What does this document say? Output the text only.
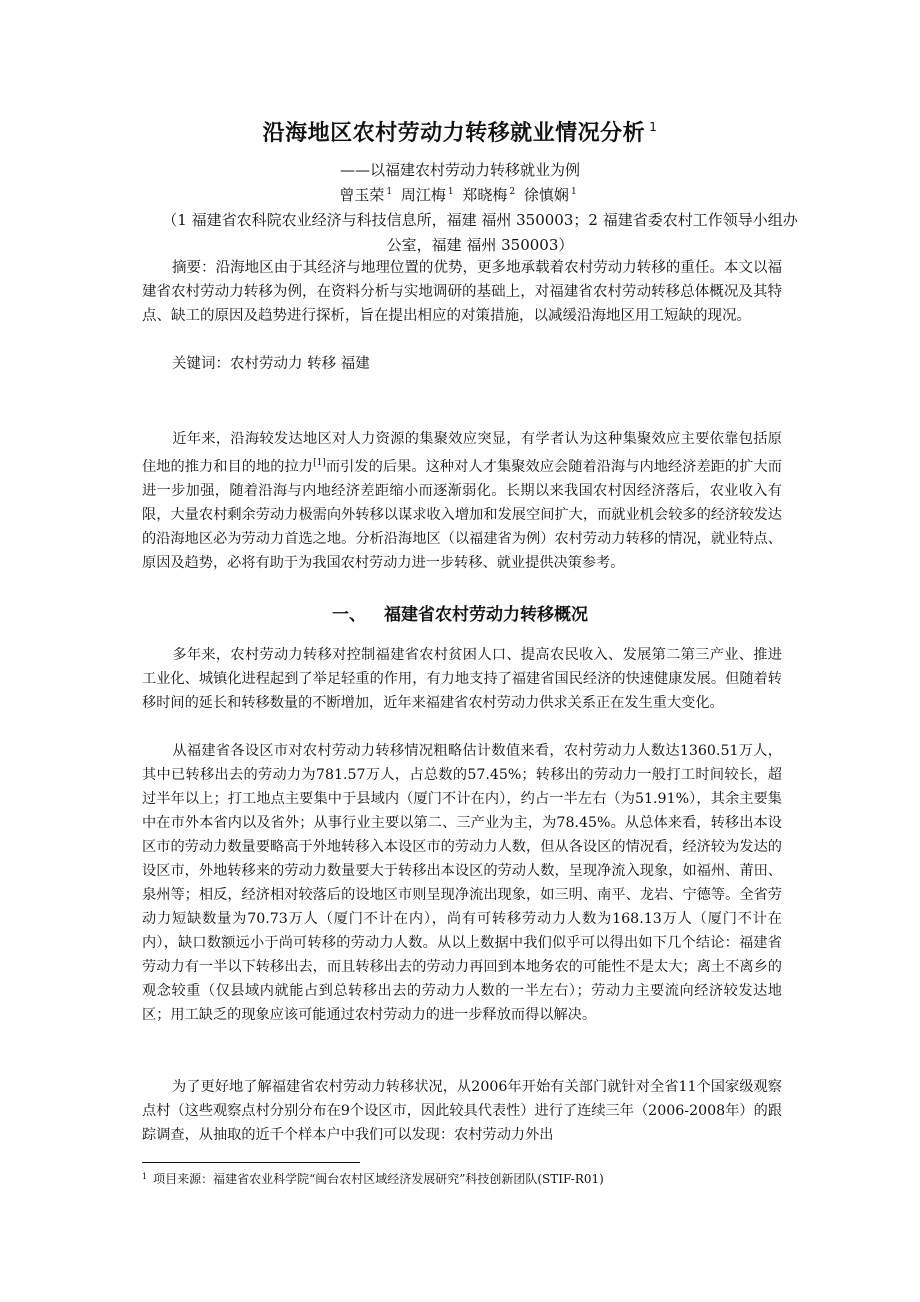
沿海地区农村劳动力转移就业情况分析 $^1$
——以福建农村劳动力转移就业为例
曾玉荣 $^1$ 周江梅 $^1$ 郑晓梅 $^2$ 徐慎娴 $^1$
（1 福建省农科院农业经济与科技信息所，福建 福州 350003；2 福建省委农村工作领导小组办公室，福建 福州 350003）
摘要：沿海地区由于其经济与地理位置的优势，更多地承载着农村劳动力转移的重任。本文以福建省农村劳动力转移为例，在资料分析与实地调研的基础上，对福建省农村劳动转移总体概况及其特点、缺工的原因及趋势进行探析，旨在提出相应的对策措施，以减缓沿海地区用工短缺的现况。
关键词：农村劳动力 转移 福建
近年来，沿海较发达地区对人力资源的集聚效应突显，有学者认为这种集聚效应主要依靠包括原住地的推力和目的地的拉力[1]而引发的后果。这种对人才集聚效应会随着沿海与内地经济差距的扩大而进一步加强，随着沿海与内地经济差距缩小而逐渐弱化。长期以来我国农村因经济落后，农业收入有限，大量农村剩余劳动力极需向外转移以谋求收入增加和发展空间扩大，而就业机会较多的经济较发达的沿海地区必为劳动力首选之地。分析沿海地区（以福建省为例）农村劳动力转移的情况，就业特点、原因及趋势，必将有助于为我国农村劳动力进一步转移、就业提供决策参考。
一、 福建省农村劳动力转移概况
多年来，农村劳动力转移对控制福建省农村贫困人口、提高农民收入、发展第二第三产业、推进工业化、城镇化进程起到了举足轻重的作用，有力地支持了福建省国民经济的快速健康发展。但随着转移时间的延长和转移数量的不断增加，近年来福建省农村劳动力供求关系正在发生重大变化。
从福建省各设区市对农村劳动力转移情况粗略估计数值来看，农村劳动力人数达1360.51万人，其中已转移出去的劳动力为781.57万人，占总数的57.45%；转移出的劳动力一般打工时间较长，超过半年以上；打工地点主要集中于县域内（厦门不计在内），约占一半左右（为51.91%），其余主要集中在市外本省内以及省外；从事行业主要以第二、三产业为主，为78.45%。从总体来看，转移出本设区市的劳动力数量要略高于外地转移入本设区市的劳动力人数，但从各设区的情况看，经济较为发达的设区市，外地转移来的劳动力数量要大于转移出本设区的劳动人数，呈现净流入现象，如福州、莆田、泉州等；相反，经济相对较落后的设地区市则呈现净流出现象，如三明、南平、龙岩、宁德等。全省劳动力短缺数量为70.73万人（厦门不计在内），尚有可转移劳动力人数为168.13万人（厦门不计在内），缺口数额远小于尚可转移的劳动力人数。从以上数据中我们似乎可以得出如下几个结论：福建省劳动力有一半以下转移出去，而且转移出去的劳动力再回到本地务农的可能性不是太大；离土不离乡的观念较重（仅县域内就能占到总转移出去的劳动力人数的一半左右）；劳动力主要流向经济较发达地区；用工缺乏的现象应该可能通过农村劳动力的进一步释放而得以解决。
为了更好地了解福建省农村劳动力转移状况，从2006年开始有关部门就针对全省11个国家级观察点村（这些观察点村分别分布在9个设区市，因此较具代表性）进行了连续三年（2006-2008年）的跟踪调查，从抽取的近千个样本户中我们可以发现：农村劳动力外出
$^1$ 项目来源：福建省农业科学院“闽台农村区域经济发展研究”科技创新团队(STIF-R01)
